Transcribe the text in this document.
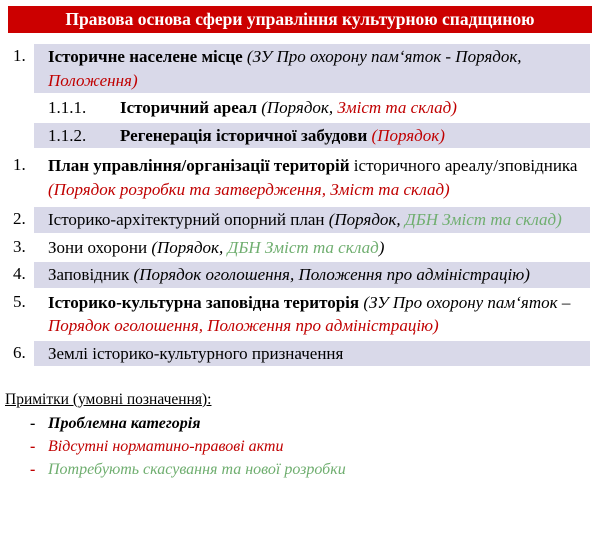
Правова основа сфери управління культурною спадщиною
1.	Історичне населене місце (ЗУ Про охорону пам‘яток - Порядок, Положення)
1.1.1. Історичний ареал (Порядок, Зміст та склад)
1.1.2. Регенерація історичної забудови (Порядок)
1.	План управління/організації територій історичного ареалу/зповідника (Порядок розробки та затвердження, Зміст та склад)
2.	Історико-архітектурний опорний план (Порядок, ДБН Зміст та склад)
3.	Зони охорони (Порядок, ДБН Зміст та склад)
4.	Заповідник (Порядок оголошення, Положення про адміністрацію)
5.	Історико-культурна заповідна територія (ЗУ Про охорону пам‘яток – Порядок оголошення, Положення про адміністрацію)
6.	Землі історико-культурного призначення
Примітки (умовні позначення):
- Проблемна категорія
- Відсутні норматино-правові акти
- Потребують скасування та нової розробки
